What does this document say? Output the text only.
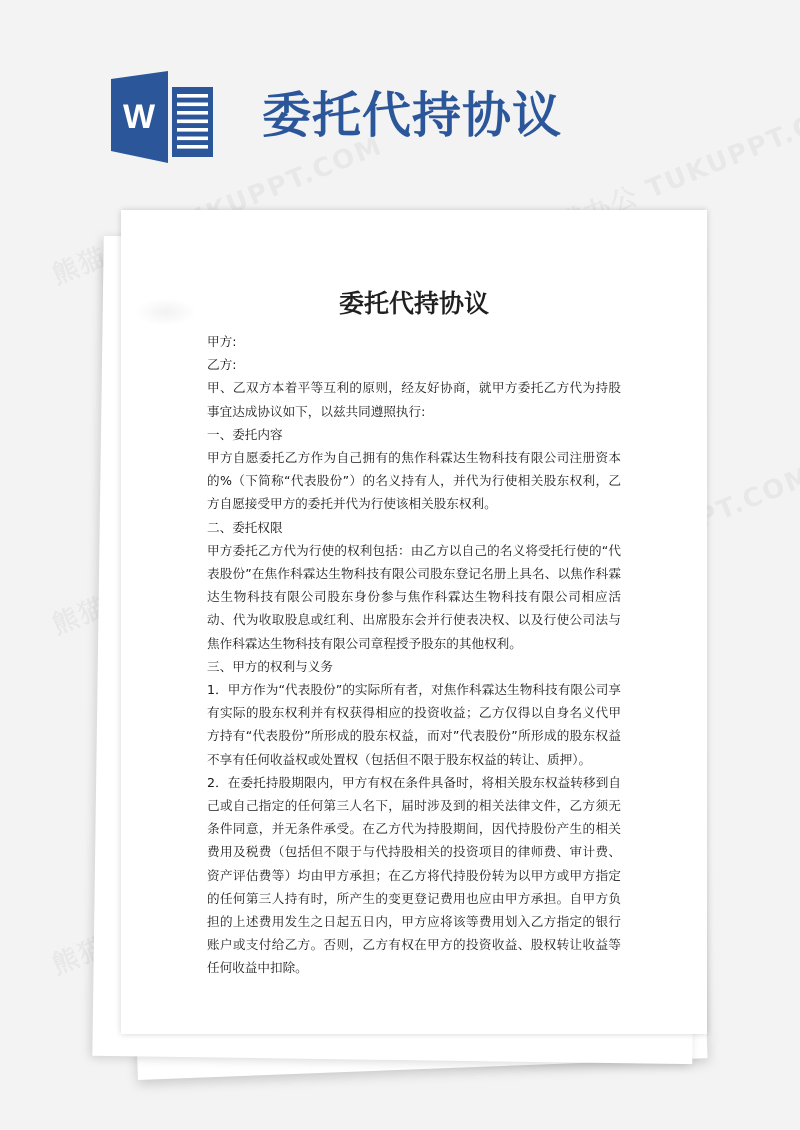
W 委托代持协议
委托代持协议

甲方:

乙方:

甲、乙双方本着平等互利的原则，经友好协商，就甲方委托乙方代为持股事宜达成协议如下，以兹共同遵照执行:

一、委托内容

甲方自愿委托乙方作为自己拥有的焦作科霖达生物科技有限公司注册资本的%（下简称“代表股份”）的名义持有人，并代为行使相关股东权利，乙方自愿接受甲方的委托并代为行使该相关股东权利。

二、委托权限

甲方委托乙方代为行使的权利包括：由乙方以自己的名义将受托行使的“代表股份”在焦作科霖达生物科技有限公司股东登记名册上具名、以焦作科霖达生物科技有限公司股东身份参与焦作科霖达生物科技有限公司相应活动、代为收取股息或红利、出席股东会并行使表决权、以及行使公司法与焦作科霖达生物科技有限公司章程授予股东的其他权利。

三、甲方的权利与义务

1．甲方作为“代表股份”的实际所有者，对焦作科霖达生物科技有限公司享有实际的股东权利并有权获得相应的投资收益；乙方仅得以自身名义代甲方持有“代表股份”所形成的股东权益，而对”代表股份”所形成的股东权益不享有任何收益权或处置权（包括但不限于股东权益的转让、质押）。

2．在委托持股期限内，甲方有权在条件具备时，将相关股东权益转移到自己或自己指定的任何第三人名下，届时涉及到的相关法律文件，乙方须无条件同意，并无条件承受。在乙方代为持股期间，因代持股份产生的相关费用及税费（包括但不限于与代持股相关的投资项目的律师费、审计费、资产评估费等）均由甲方承担；在乙方将代持股份转为以甲方或甲方指定的任何第三人持有时，所产生的变更登记费用也应由甲方承担。自甲方负担的上述费用发生之日起五日内，甲方应将该等费用划入乙方指定的银行账户或支付给乙方。否则，乙方有权在甲方的投资收益、股权转让收益等任何收益中扣除。
